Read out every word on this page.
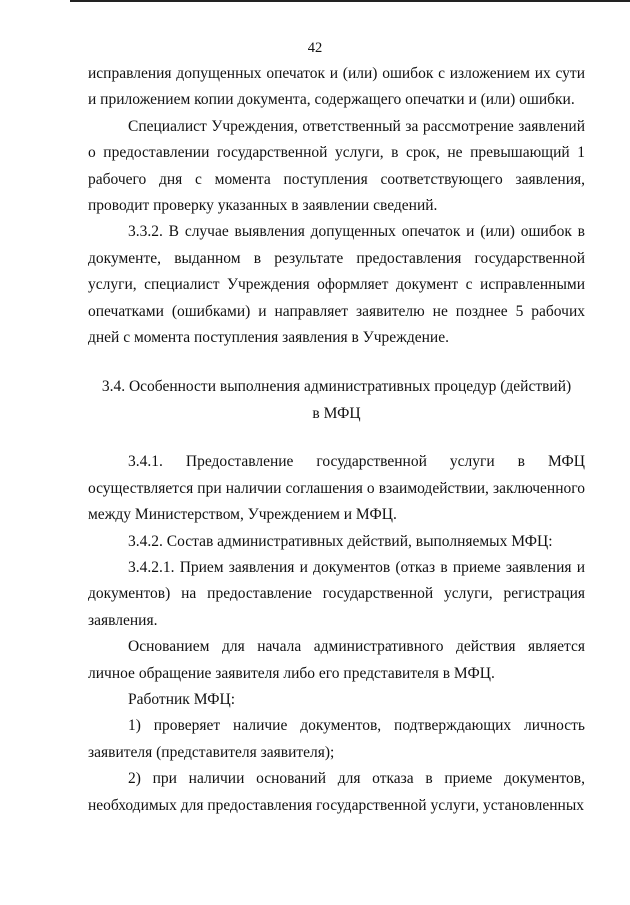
42

исправления допущенных опечаток и (или) ошибок с изложением их сути и приложением копии документа, содержащего опечатки и (или) ошибки.

Специалист Учреждения, ответственный за рассмотрение заявлений о предоставлении государственной услуги, в срок, не превышающий 1 рабочего дня с момента поступления соответствующего заявления, проводит проверку указанных в заявлении сведений.

3.3.2. В случае выявления допущенных опечаток и (или) ошибок в документе, выданном в результате предоставления государственной услуги, специалист Учреждения оформляет документ с исправленными опечатками (ошибками) и направляет заявителю не позднее 5 рабочих дней с момента поступления заявления в Учреждение.

3.4. Особенности выполнения административных процедур (действий)
в МФЦ

3.4.1. Предоставление государственной услуги в МФЦ осуществляется при наличии соглашения о взаимодействии, заключенного между Министерством, Учреждением и МФЦ.

3.4.2. Состав административных действий, выполняемых МФЦ:

3.4.2.1. Прием заявления и документов (отказ в приеме заявления и документов) на предоставление государственной услуги, регистрация заявления.

Основанием для начала административного действия является личное обращение заявителя либо его представителя в МФЦ.

Работник МФЦ:

1) проверяет наличие документов, подтверждающих личность заявителя (представителя заявителя);

2) при наличии оснований для отказа в приеме документов, необходимых для предоставления государственной услуги, установленных
